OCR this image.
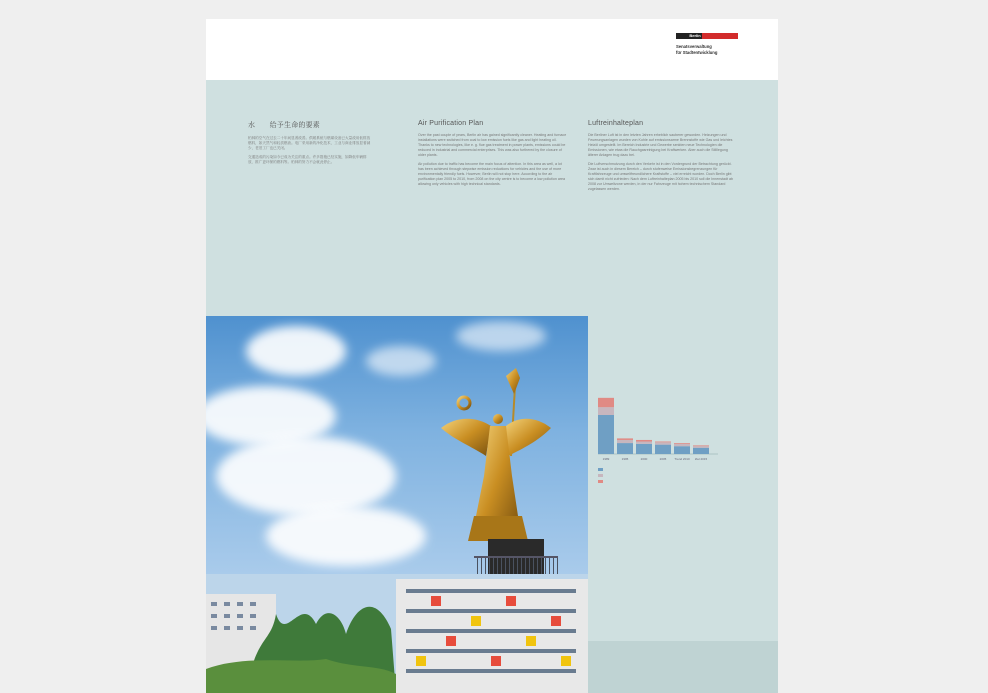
Berlin
Senatsverwaltung
für Stadtentwicklung
水　　给予生命的要素

柏林的空气在过去二十年间显著改善。供暖系统与燃煤设备已大量改用低排放燃料，如天然气和轻质燃油。电厂采用新的净化技术，工业与商业排放显著减少，老旧工厂也已关闭。

交通造成的污染如今已成为关注的重点。许多措施已经实施，如降低车辆排放、推广更环保的燃料等。柏林的努力不会就此停止。

Air Purification Plan

Over the past couple of years, Berlin air has gained significantly cleaner. Heating and furnace installations were switched from coal to low emission fuels like gas and light heating oil. Thanks to new technologies, like e. g. flue gas treatment in power plants, emissions could be reduced in industrial and commercial enterprises. This was also furthered by the closure of older plants.

Air pollution due to traffic has become the main focus of attention. In this area as well, a lot has been achieved through stepwise emission reductions for vehicles and the use of more environmentally friendly fuels. However, Berlin will not stop here. According to the air purification plan 2005 to 2010, from 2008 on the city centre is to become a low pollution area allowing only vehicles with high technical standards.

Luftreinhalteplan

Die Berliner Luft ist in den letzten Jahren erheblich sauberer geworden. Heizungen und Feuerungsanlagen wurden von Kohle auf emissionsarme Brennstoffe wie Gas und leichtes Heizöl umgestellt. Im Bereich Industrie und Gewerbe senkten neue Technologien die Emissionen, wie etwa die Rauchgasreinigung bei Kraftwerken. Aber auch die Stilllegung älterer Anlagen trug dazu bei.

Die Luftverschmutzung durch den Verkehr ist in den Vordergrund der Betrachtung gerückt. Zwar ist auch in diesem Bereich – durch stufenweise Emissionsbegrenzungen für Kraftfahrzeuge und umweltfreundlichere Kraftstoffe – viel erreicht worden. Doch Berlin gibt sich damit nicht zufrieden: Nach dem Luftreinhalteplan 2005 bis 2010 soll die Innenstadt ab 2008 zur Umweltzone werden, in der nur Fahrzeuge mit hohem technischem Standard zugelassen werden.

1989	1995	2000	2005	Trend 2010 Ziel 2015
